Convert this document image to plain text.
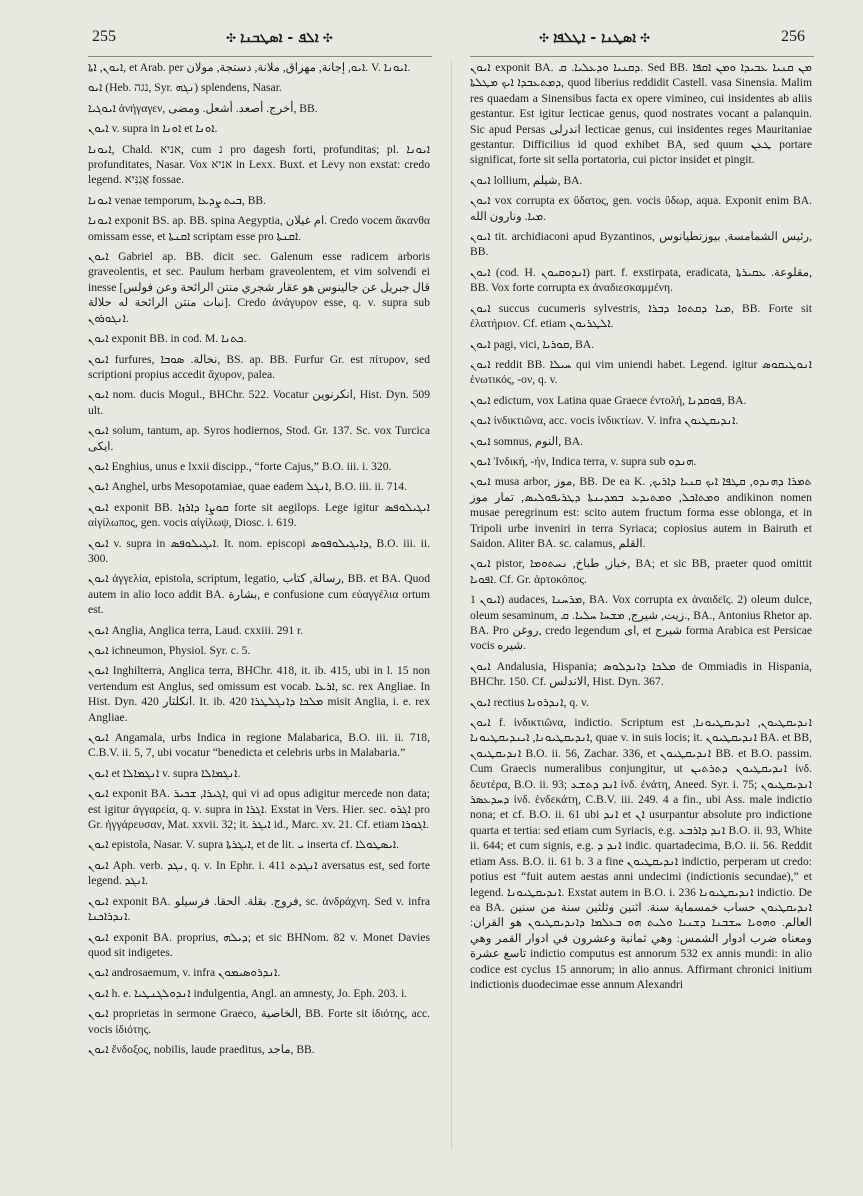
255	✣ ܐܠܦ - ܐܣܛܒܢܐ ✣	✣ ܐܣܛܢܐ - ܐܛܠܦܐ ✣	256

ܐܝܘܢ, ܐܬܐ, et Arab. per ܐܝܘ, إجانة, مهراق, ملانة, دستجة, مولان. V. ܐܝܘܢܐ.

ܐܝܘ (Heb. נגה, Syr. ܢܓܗ) splendens, Nasar.

ܐܝܘܓܝܐ ἀνήγαγεν, أخرج. أصعد. أشعل. ومضى, BB.

ܐܝܘܢ v. supra in ܐܘܢܐ et ܐܘܢܐ.

ܐܝܘܢܐ, Chald. אניא, cum נ pro dagesh forti, profunditas; pl. ܐܝܘܢܐ profunditates, Nasar. Vox אניא in Lexx. Buxt. et Levy non exstat: credo legend. אֲגַנִּיא fossae.

ܐܝܘܢܐ venae temporum, ܒܝܬ ܨܕܥܐ, BB.

ܐܝܘܢܐ exponit BS. ap. BB. spina Aegyptia, ام غيلان. Credo vocem ἄκανθα omissam esse, et ܐܩܢܬܐ scriptam esse pro ܐܩܢܬܐ.

ܐܝܘܢ Gabriel ap. BB. dicit sec. Galenum esse radicem arboris graveolentis, et sec. Paulum herbam graveolentem, et vim solvendi ei inesse [قال جبريل عن جالينوس هو عقار شجري منتن الرائحة وعن فولس نبات منتن الرائحة له حلالة]. Credo ἀνάγυρον esse, q. v. supra sub ܐܢܓܘܪܘܢ.

ܐܝܘܢ exponit BB. in cod. M. ܟܬܢܐ.

ܐܝܘܢ furfures, نخالة. ܣܘܒܐ, BS. ap. BB. Furfur Gr. est πίτυρον, sed scriptioni propius accedit ἄχυρον, palea.

ܐܝܘܢ nom. ducis Mogul., BHChr. 522. Vocatur انكرنوين, Hist. Dyn. 509 ult.

ܐܝܘܢ solum, tantum, ap. Syros hodiernos, Stod. Gr. 137. Sc. vox Turcica ايكى.

ܐܝܘܢ Enghius, unus e lxxii discipp., “forte Cajus,” B.O. iii. i. 320.

ܐܝܘܢ Anghel, urbs Mesopotamiae, quae eadem ܐܢܓܠ, B.O. iii. ii. 714.

ܐܝܘܢ exponit BB. ܩܘܨܐ ܕܐܪܙܐ forte sit aegilops. Lege igitur ܐܝܓܝܠܘܦܣ αἰγίλωπος, gen. vocis αἰγίλωψ, Diosc. i. 619.

ܐܝܘܢ v. supra in ܐܝܓܝܠܘܦܣ. It. nom. episcopi ܕܐܝܓܝܠܘܦܘܣ, B.O. iii. ii. 300.

ܐܝܘܢ ἀγγελία, epistola, scriptum, legatio, رسالة, كتاب, BB. et BA. Quod autem in alio loco addit BA. بشارة, e confusione cum εὐαγγέλια ortum est.

ܐܝܘܢ Anglia, Anglica terra, Laud. cxxiii. 291 r.

ܐܝܘܢ ichneumon, Physiol. Syr. c. 5.

ܐܝܘܢ Inghilterra, Anglica terra, BHChr. 418, it. ib. 415, ubi in l. 15 non vertendum est Anglus, sed omissum est vocab. ܐܪܥܐ, sc. rex Angliae. In Hist. Dyn. 420 انكلتار. It. ib. 420 ܡܠܟܐ ܕܐܢܓܠܛܪܐ misit Anglia, i. e. rex Angliae.

ܐܝܘܢ Angamala, urbs Indica in regione Malabarica, B.O. iii. ii. 718, C.B.V. ii. 5, 7, ubi vocatur “benedicta et celebris urbs in Malabaria.”

ܐܝܘܢ et ܐܢܓܡܐܠܐ v. supra ܐܢܓܡܐܠܐ.

ܐܝܘܢ exponit BA. ܐܓܝܪܐ, ܫܟܝܪ, qui vi ad opus adigitur mercede non data; est igitur ἀγγαρεία, q. v. supra in ܐܓܪܐ. Exstat in Vers. Hier. sec. ܐܓܪܘ pro Gr. ἠγγάρευσαν, Mat. xxvii. 32; it. ܐܝܓܪ id., Marc. xv. 21. Cf. etiam ܐܓܘܪܐ.

ܐܝܘܢ epistola, Nasar. V. supra ܐܝܓܪܬܐ, et de lit. ܝ inserta cf. ܐܝܣܛܘܠܐ.

ܐܝܘܢ Aph. verb. ܢܓܕ, q. v. In Ephr. i. 411 ܐܢܓܕܬ aversatus est, sed forte legend. ܐܢܓܕ.

ܐܝܘܢ exponit BA. فروج. بقلة. الحقا. فرسيلو, sc. ἀνδράχνη. Sed v. infra ܐܢܕܪܐܟܢܐ.

ܐܝܘܢ exponit BA. proprius, ܕܝܠܗ; et sic BHNom. 82 v. Monet Davies quod sit indigetes.

ܐܝܘܢ androsaemum, v. infra ܐܢܕܪܘܣܝܡܘܢ.

ܐܝܘܢ h. e. ܐܢܕܘܠܓܢܛܝܐ indulgentia, Angl. an amnesty, Jo. Eph. 203. i.

ܐܝܘܢ proprietas in sermone Graeco, الخاصية, BB. Forte sit ἰδιότης, acc. vocis ἰδιότης.

ܐܝܘܢ ἔνδοξος, nobilis, laude praeditus, ماجد, BB.

ܐܝܘܢ exponit BA. ܕܩܢܝܐ ܘܕܥܠܝܐ. ܩ. Sed BB. ܡܢ ܩܢܝܐ ܥܒܝܕܐ ܘܡܢ ܐܩܦܐ ܕܡܬܥܒܕܐ ܐܝܟ ܡܛܠܬܐ, quod liberius reddidit Castell. vasa Sinensia. Malim res quaedam a Sinensibus facta ex opere vimineo, cui insidentes ab aliis gestantur. Est igitur lecticae genus, quod nostrates vocant a palanquin. Sic apud Persas اندرلى lecticae genus, cui insidentes reges Mauritaniae gestantur. Difficilius id quod exhibet BA, sed quum ܛܥܢ portare significat, forte sit sella portatoria, cui pictor insidet et pingit.

ܐܝܘܢ lollium, شيلم, BA.

ܐܝܘܢ vox corrupta ex ὕδατος, gen. vocis ὕδωρ, aqua. Exponit enim BA. ܡܝܐ. ونارون الله.

ܐܝܘܢ tit. archidiaconi apud Byzantinos, رئيس الشمامسة, بيوزنطيانوس, BB.

ܐܝܘܢ (cod. H. ܐܢܕܘܩܝܘܢ) part. f. exstirpata, eradicata, مقلوعة. ܥܩܝܪܬܐ, BB. Vox forte corrupta ex ἀναδιεσκαμμένη.

ܐܝܘܢ succus cucumeris sylvestris, ܡܝܐ ܕܩܬܘܐ ܕܒܪܐ, BB. Forte sit ἐλατήριον. Cf. etiam ܐܠܛܪܝܘܢ.

ܐܝܘܢ pagi, vici, ܩܘܪܝܐ, BA.

ܐܝܘܢ reddit BB. ܚܝܠܐ qui vim uniendi habet. Legend. igitur ܐܢܘܛܝܩܘܣ ἑνωτικός, -ον, q. v.

ܐܝܘܢ edictum, vox Latina quae Graece ἐντολή, ܦܘܩܕܢܐ, BA.

ܐܝܘܢ ἰνδικτιῶνα, acc. vocis ἰνδικτίων. V. infra ܐܢܕܝܩܛܝܘܢ.

ܐܝܘܢ somnus, النوم, BA.

ܐܝܘܢ Ἰνδική, -ήν, Indica terra, v. supra sub ܗܢܕܘ.

ܐܝܘܢ musa arbor, موز, BB. De ea K. ܬܡܪܐ ܕܗܢܕܘ, ܩܛܦܐ ܐܝܟ ܩܢܝܐ ܕܐܪܝܟ, ܘܡܬܐܟܠ, ܘܡܬܝܕܥ ܒܡܕܝܢܬܐ ܕܛܪܝܦܘܠܝܣ, تمار موز andikinon nomen musae peregrinum est: scito autem fructum forma esse oblonga, et in Tripoli urbe inveniri in terra Syriaca; copiosius autem in Bairuth et Saidon. Aliter BA. sc. calamus, القلم.

ܐܝܘܢ pistor, خباز, طباخ, ܢܚܬܘܡܐ, BA; et sic BB, praeter quod omittit ܐܦܘܝܐ. Cf. Gr. ἀρτοκόπος.

ܐܝܘܢ 1) audaces, ܡܪܚܢܐ, BA. Vox corrupta ex ἀναιδεῖς. 2) oleum dulce, oleum sesaminum, زيت, شيرج, ܡܫܚܐ ܚܠܝܐ. ܩ., BA., Antonius Rhetor ap. BA. Pro روغن, credo legendum ای, et شيرج forma Arabica est Persicae vocis شيره.

ܐܝܘܢ Andalusia, Hispania; ܡܠܟܐ ܕܐܢܕܠܘܣ de Ommiadis in Hispania, BHChr. 150. Cf. الاندلس, Hist. Dyn. 367.

ܐܝܘܢ rectius ܐܢܕܪܘܢܐ, q. v.

ܐܝܘܢ f. ἰνδικτιῶνα, indictio. Scriptum est ܐܢܕܝܩܛܝܘܢ, ܐܢܕܝܩܛܝܘܢܐ, ܐܢܕܝܩܛܝܘܢܐ, ܐܝܢܕܝܩܛܝܘܢܐ, quae v. in suis locis; it. ܐܢܕܝܩܛܝܘܢ BA. et BB, ܐܢܕܝܩܛܝܘܢ B.O. ii. 56, Zachar. 336, et ܐܢܕܝܩܛܝܘܢ BB. et B.O. passim. Cum Graecis numeralibus conjungitur, ut ܐܢܕܝܩܛܝܘܢ ܕܬܪܬܝܢ ἰνδ. δευτέρα, B.O. ii. 93; ܐܢܕ ܕܬܫܥ ἰνδ. ἐνάτη, Aneed. Syr. i. 75; ܐܢܕܝܩܛܝܘܢ ܕܚܕܥܣܪ ἰνδ. ἑνδεκάτη, C.B.V. iii. 249. 4 a fin., ubi Ass. male indictio nona; et cf. B.O. ii. 61 ubi ܐܢܕ et ܐܢ usurpantur absolute pro indictione quarta et tertia: sed etiam cum Syriacis, e.g. ܐܢܕ ܕܐܪܒܥ B.O. ii. 93, White ii. 644; et cum signis, e.g. ܐܢܕ ܕ indic. quartadecima, B.O. ii. 56. Reddit etiam Ass. B.O. ii. 61 b. 3 a fine ܐܢܕܝܩܛܝܘܢ indictio, perperam ut credo: potius est “fuit autem aestas anni undecimi (indictionis secundae),” et legend. ܐܢܕܝܩܛܝܘܢܐ. Exstat autem in B.O. i. 236 ܐܢܕܝܩܛܝܘܢܐ indictio. De ea BA. ܐܢܕܝܩܛܝܘܢ حساب خمسماية سنة. اثنين وثلثين سنة من سنين العالم. ܘܗܘܝܐ ܚܫܒܢܐ ܕܫܢܝܐ ܘܠܝܬ ܗܘ ܒܥܠܡܐ ܕܐܢܕܝܩܛܝܘܢ هو القران: ومعناه ضرب ادوار الشمس: وهي ثمانية وعشرون في ادوار القمر وهي تاسع عشرة indictio computus est annorum 532 ex annis mundi: in alio codice est cyclus 15 annorum; in alio annus. Affirmant chronici initium indictionis duodecimae esse annum Alexandri
